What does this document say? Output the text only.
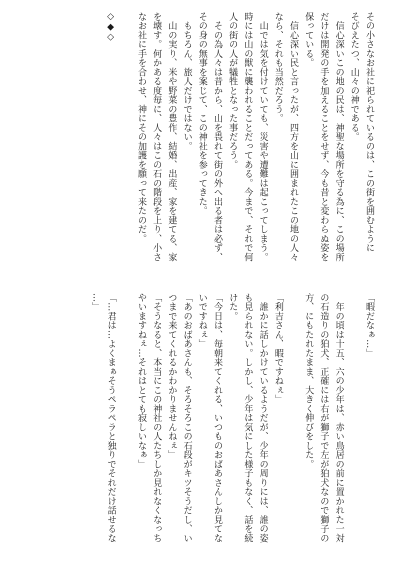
その小さなお社に祀られているのは、この街を囲むように
そびえたつ、山々の神である。
　信心深いこの地の民は、神聖な場所を守る為に、この場所
だけは開発の手を加えることをせず、今も昔と変わらぬ姿を
保っている。
　信心深い民と言ったが、四方を山に囲まれたこの地の人々
なら、それも当然だろう。
　山では気を付けていても、災害や遭難は起こってしまう。
時には山の獣に襲われることだってある。今まで、それで何
人の街の人が犠牲となった事だろう。
　その為人々は昔から、山を畏れて街の外へ出る者は必ず、
その身の無事を案じて、この神社を参ってきた。
　もちろん、旅人だけではない。
　山の実り、米や野菜の豊作、結婚、出産、家を建てる、家
を壊す。何かある度毎に、人々はこの石の階段を上り、小さ
なお社に手を合わせ、神にその加護を願って来たのだ。
◇◆◇
「暇だなぁ…」
　年の頃は十五、六の少年は、赤い鳥居の前に置かれた一対
の石造りの狛犬、正確には右が獅子で左が狛犬なので獅子の
方、にもたれたまま、大きく伸びをした。
「利吉さん、暇ですねぇ」
　誰かに話しかけているようだが、少年の周りには、誰の姿
も見られない。しかし、少年は気にした様子もなく、話を続
けた。
「今日は、毎朝来てくれる、いつものおばあさんしか見てな
いですねぇ」
「あのおばあさんも、そろそろこの石段がキツそうだし、い
つまで来てくれるかわかりませんねぇ」
「そうなると、本当にこの神社の人たちしか見れなくなっち
やいますねぇ…それはとても寂しいなぁ」
「…君は…よくまぁそうペラペラと独りでそれだけ話せるな
…」
